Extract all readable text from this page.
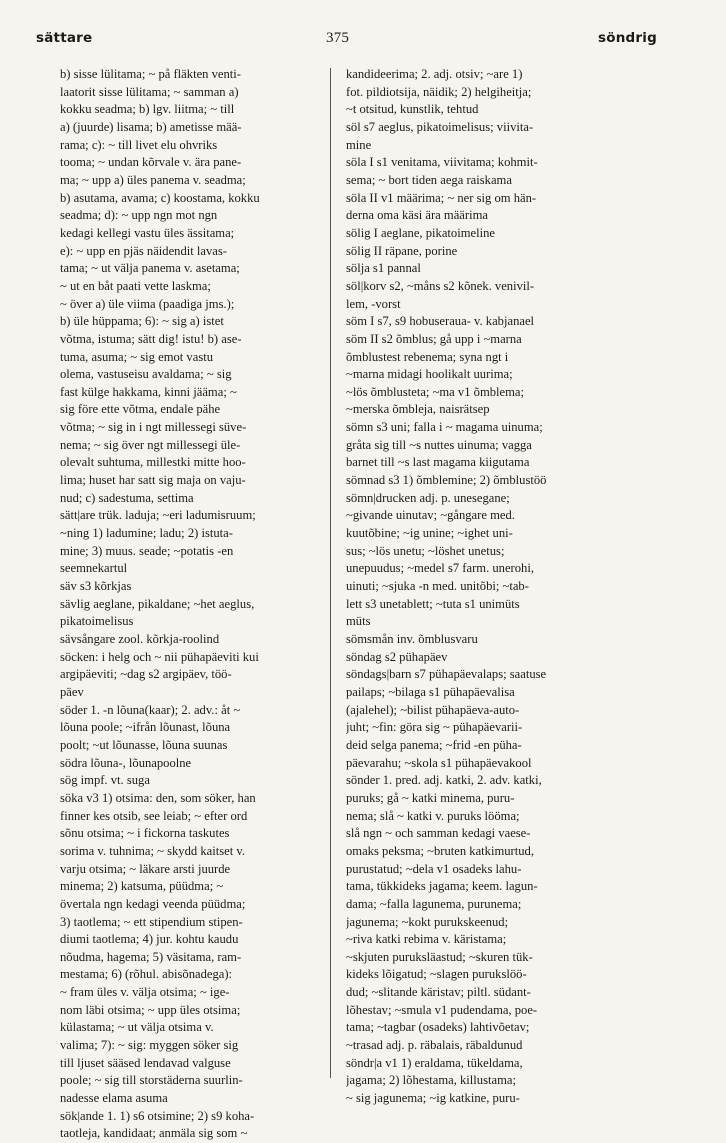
sättare	375	söndrig
b) sisse lülitama; ~ på fläkten venti-
laatorit sisse lülitama; ~ samman a)
kokku seadma; b) lgv. liitma; ~ till
a) (juurde) lisama; b) ametisse mää-
rama; c): ~ till livet elu ohvriks
tooma; ~ undan kõrvale v. ära pane-
ma; ~ upp a) üles panema v. seadma;
b) asutama, avama; c) koostama, kokku
seadma; d): ~ upp ngn mot ngn
kedagi kellegi vastu üles ässitama;
e): ~ upp en pjäs näidendit lavas-
tama; ~ ut välja panema v. asetama;
~ ut en båt paati vette laskma;
~ över a) üle viima (paadiga jms.);
b) üle hüppama; 6): ~ sig a) istet
võtma, istuma; sätt dig! istu! b) ase-
tuma, asuma; ~ sig emot vastu
olema, vastuseisu avaldama; ~ sig
fast külge hakkama, kinni jääma; ~
sig före ette võtma, endale pähe
võtma; ~ sig in i ngt millessegi süve-
nema; ~ sig över ngt millessegi üle-
olevalt suhtuma, millestki mitte hoo-
lima; huset har satt sig maja on vaju-
nud; c) sadestuma, settima
sätt|are trük. laduja; ~eri ladumisruum;
~ning 1) ladumine; ladu; 2) istuta-
mine; 3) muus. seade; ~potatis -en
seemnekartul
säv s3 kõrkjas
sävlig aeglane, pikaldane; ~het aeglus,
pikatoimelisus
sävsångare zool. kõrkja-roolind
söcken: i helg och ~ nii pühapäeviti kui
argipäeviti; ~dag s2 argipäev, töö-
päev
söder 1. -n lõuna(kaar); 2. adv.: åt ~
lõuna poole; ~ifrån lõunast, lõuna
poolt; ~ut lõunasse, lõuna suunas
södra lõuna-, lõunapoolne
sög impf. vt. suga
söka v3 1) otsima: den, som söker, han
finner kes otsib, see leiab; ~ efter ord
sõnu otsima; ~ i fickorna taskutes
sorima v. tuhnima; ~ skydd kaitset v.
varju otsima; ~ läkare arsti juurde
minema; 2) katsuma, püüdma; ~
övertala ngn kedagi veenda püüdma;
3) taotlema; ~ ett stipendium stipen-
diumi taotlema; 4) jur. kohtu kaudu
nõudma, hagema; 5) väsitama, ram-
mestama; 6) (rõhul. abisõnadega):
~ fram üles v. välja otsima; ~ ige-
nom läbi otsima; ~ upp üles otsima;
külastama; ~ ut välja otsima v.
valima; 7): ~ sig: myggen söker sig
till ljuset sääsed lendavad valguse
poole; ~ sig till storstäderna suurlin-
nadesse elama asuma
sök|ande 1. 1) s6 otsimine; 2) s9 koha-
taotleja, kandidaat; anmäla sig som ~
kandideerima; 2. adj. otsiv; ~are 1)
fot. pildiotsija, näidik; 2) helgiheitja;
~t otsitud, kunstlik, tehtud
söl s7 aeglus, pikatoimelisus; viivita-
mine
söla I s1 venitama, viivitama; kohmit-
sema; ~ bort tiden aega raiskama
söla II v1 määrima; ~ ner sig om hän-
derna oma käsi ära määrima
sölig I aeglane, pikatoimeline
sölig II räpane, porine
sölja s1 pannal
söl|korv s2, ~måns s2 kõnek. venivil-
lem, -vorst
söm I s7, s9 hobuseraua- v. kabjanael
söm II s2 õmblus; gå upp i ~marna
õmblustest rebenema; syna ngt i
~marna midagi hoolikalt uurima;
~lös õmblusteta; ~ma v1 õmblema;
~merska õmbleja, naisrätsep
sömn s3 uni; falla i ~ magama uinuma;
gråta sig till ~s nuttes uinuma; vagga
barnet till ~s last magama kiigutama
sömnad s3 1) õmblemine; 2) õmblustöö
sömn|drucken adj. p. unesegane;
~givande uinutav; ~gångare med.
kuutõbine; ~ig unine; ~ighet uni-
sus; ~lös unetu; ~löshet unetus;
unepuudus; ~medel s7 farm. unerohi,
uinuti; ~sjuka -n med. unitõbi; ~tab-
lett s3 unetablett; ~tuta s1 unimüts
müts
sömsmån inv. õmblusvaru
söndag s2 pühapäev
söndags|barn s7 pühapäevalaps; saatuse
pailaps; ~bilaga s1 pühapäevalisa
(ajalehel); ~bilist pühapäeva-auto-
juht; ~fin: göra sig ~ pühapäevarii-
deid selga panema; ~frid -en püha-
päevarahu; ~skola s1 pühapäevakool
sönder 1. pred. adj. katki, 2. adv. katki,
puruks; gå ~ katki minema, puru-
nema; slå ~ katki v. puruks lööma;
slå ngn ~ och samman kedagi vaese-
omaks peksma; ~bruten katkimurtud,
purustatud; ~dela v1 osadeks lahu-
tama, tükkideks jagama; keem. lagun-
dama; ~falla lagunema, purunema;
jagunema; ~kokt purukskeenud;
~riva katki rebima v. käristama;
~skjuten puruksläastud; ~skuren tük-
kideks lõigatud; ~slagen purukslöö-
dud; ~slitande käristav; piltl. südant-
lõhestav; ~smula v1 pudendama, poe-
tama; ~tagbar (osadeks) lahtivõetav;
~trasad adj. p. räbalais, räbaldunud
söndr|a v1 1) eraldama, tükeldama,
jagama; 2) lõhestama, killustama;
~ sig jagunema; ~ig katkine, puru-
